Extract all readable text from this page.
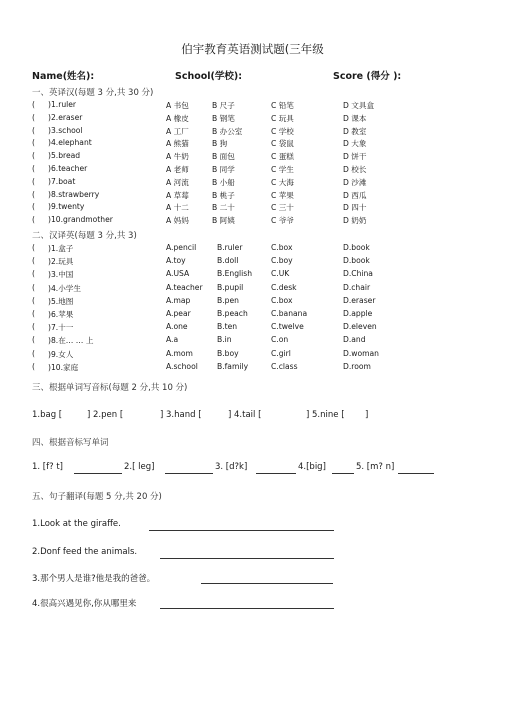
伯宇教育英语测试题(三年级
Name(姓名):	School(学校):	Score (得分 ):
一、英译汉(每题 3 分,共 30 分)
( )1.ruler	A 书包	B 尺子	C 铅笔	D 文具盒
( )2.eraser	A 橡皮	B 钢笔	C 玩具	D 课本
( )3.school	A 工厂	B 办公室	C 学校	D 教室
( )4.elephant	A 熊猫	B 狗	C 袋鼠	D 大象
( )5.bread	A 牛奶	B 面包	C 蛋糕	D 饼干
( )6.teacher	A 老师	B 同学	C 学生	D 校长
( )7.boat	A 河流	B 小船	C 大海	D 沙滩
( )8.strawberry	A 草莓	B 桃子	C 苹果	D 西瓜
( )9.twenty	A 十二	B 二十	C 三十	D 四十
( )10.grandmother	A 妈妈	B 阿姨	C 爷爷	D 奶奶
二、汉译英(每题 3 分,共 3)
( )1.盒子	A.pencil	B.ruler	C.box	D.book
( )2.玩具	A.toy	B.doll	C.boy	D.book
( )3.中国	A.USA	B.English C.UK	D.China
( )4.小学生	A.teacher B.pupil	C.desk	D.chair
( )5.地图	A.map	B.pen	C.box	D.eraser
( )6.苹果	A.pear	B.peach	C.banana	D.apple
( )7.十一	A.one	B.ten	C.twelve	D.eleven
( )8.在… … 上	A.a	B.in	C.on	D.and
( )9.女人	A.mom	B.boy	C.girl	D.woman
( )10.家庭	A.school	B.family	C.class	D.room
三、根据单词写音标(每题 2 分,共 10 分)
1.bag [	] 2.pen [	] 3.hand [	] 4.tail [	] 5.nine [ ]
四、根据音标写单词
1. [f? t]	2.[ leg]	3. [d?k]	4.[big]	5. [m? n]
五、句子翻译(每题 5 分,共 20 分)
1.Look at the giraffe.
2.Donf feed the animals.
3.那个男人是谁?他是我的爸爸。
4.很高兴遇见你,你从哪里来
